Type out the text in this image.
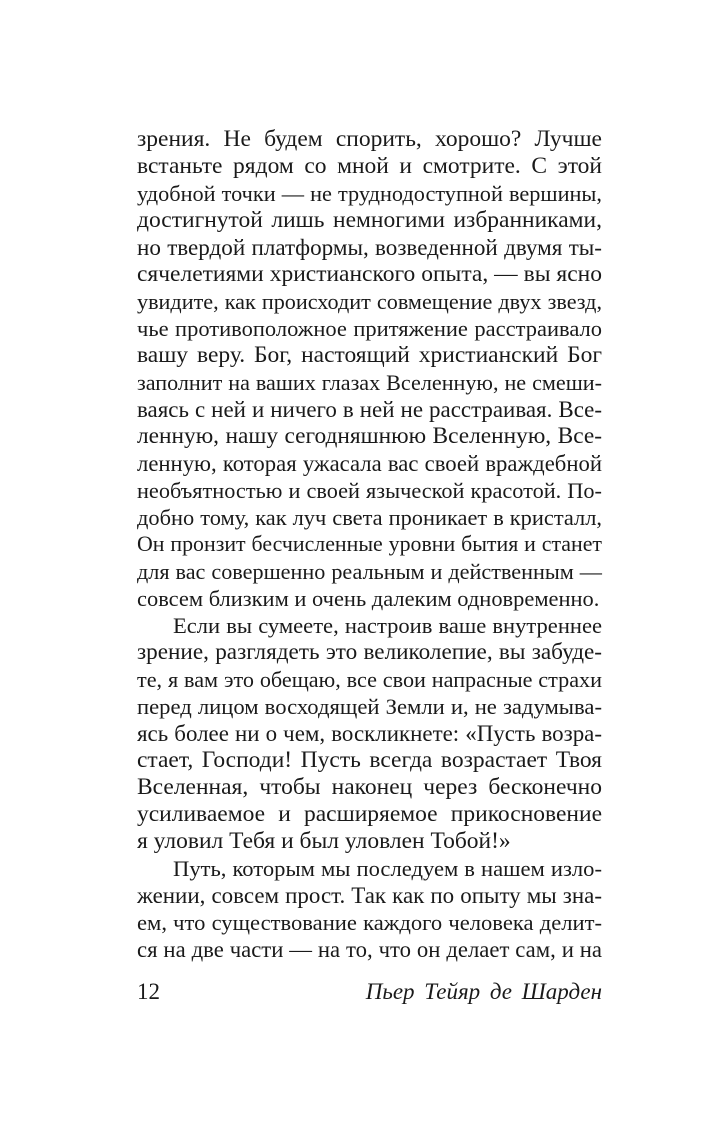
зрения. Не будем спорить, хорошо? Лучше
встаньте рядом со мной и смотрите. С этой
удобной точки — не труднодоступной вершины,
достигнутой лишь немногими избранниками,
но твердой платформы, возведенной двумя ты-
сячелетиями христианского опыта, — вы ясно
увидите, как происходит совмещение двух звезд,
чье противоположное притяжение расстраивало
вашу веру. Бог, настоящий христианский Бог
заполнит на ваших глазах Вселенную, не смеши-
ваясь с ней и ничего в ней не расстраивая. Все-
ленную, нашу сегодняшнюю Вселенную, Все-
ленную, которая ужасала вас своей враждебной
необъятностью и своей языческой красотой. По-
добно тому, как луч света проникает в кристалл,
Он пронзит бесчисленные уровни бытия и станет
для вас совершенно реальным и действенным —
совсем близким и очень далеким одновременно.
Если вы сумеете, настроив ваше внутреннее
зрение, разглядеть это великолепие, вы забуде-
те, я вам это обещаю, все свои напрасные страхи
перед лицом восходящей Земли и, не задумыва-
ясь более ни о чем, воскликнете: «Пусть возра-
стает, Господи! Пусть всегда возрастает Твоя
Вселенная, чтобы наконец через бесконечно
усиливаемое и расширяемое прикосновение
я уловил Тебя и был уловлен Тобой!»
Путь, которым мы последуем в нашем изло-
жении, совсем прост. Так как по опыту мы зна-
ем, что существование каждого человека делит-
ся на две части — на то, что он делает сам, и на
12	Пьер Тейяр де Шарден
